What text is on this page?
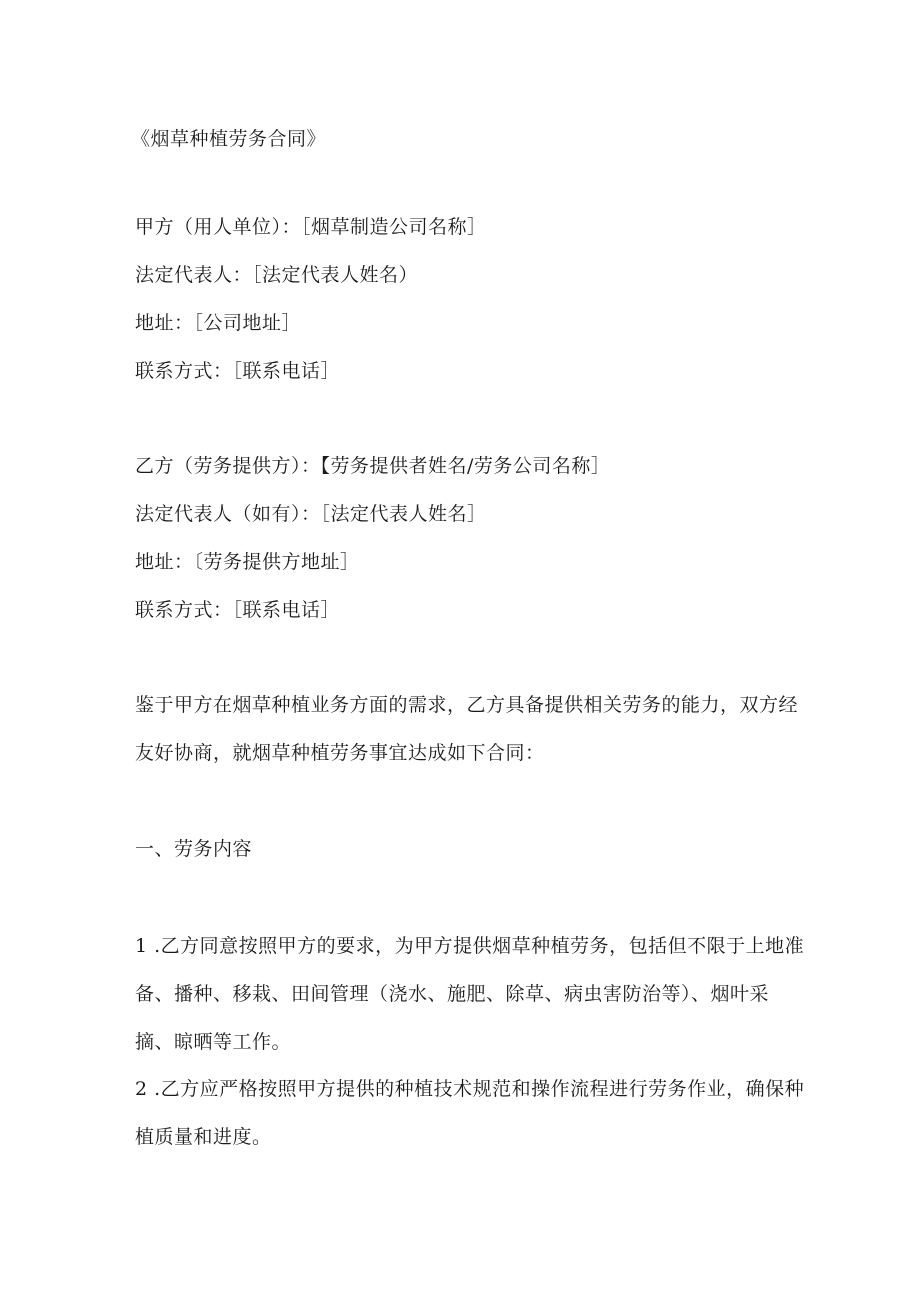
《烟草种植劳务合同》
甲方（用人单位）：［烟草制造公司名称］
法定代表人：［法定代表人姓名）
地址：［公司地址］
联系方式：［联系电话］
乙方（劳务提供方）：【劳务提供者姓名/劳务公司名称］
法定代表人（如有）：［法定代表人姓名］
地址：〔劳务提供方地址］
联系方式：［联系电话］
鉴于甲方在烟草种植业务方面的需求，乙方具备提供相关劳务的能力，双方经
友好协商，就烟草种植劳务事宜达成如下合同：
一、劳务内容
1 .乙方同意按照甲方的要求，为甲方提供烟草种植劳务，包括但不限于上地准
备、播种、移栽、田间管理（浇水、施肥、除草、病虫害防治等）、烟叶采
摘、晾晒等工作。
2 .乙方应严格按照甲方提供的种植技术规范和操作流程进行劳务作业，确保种
植质量和进度。
